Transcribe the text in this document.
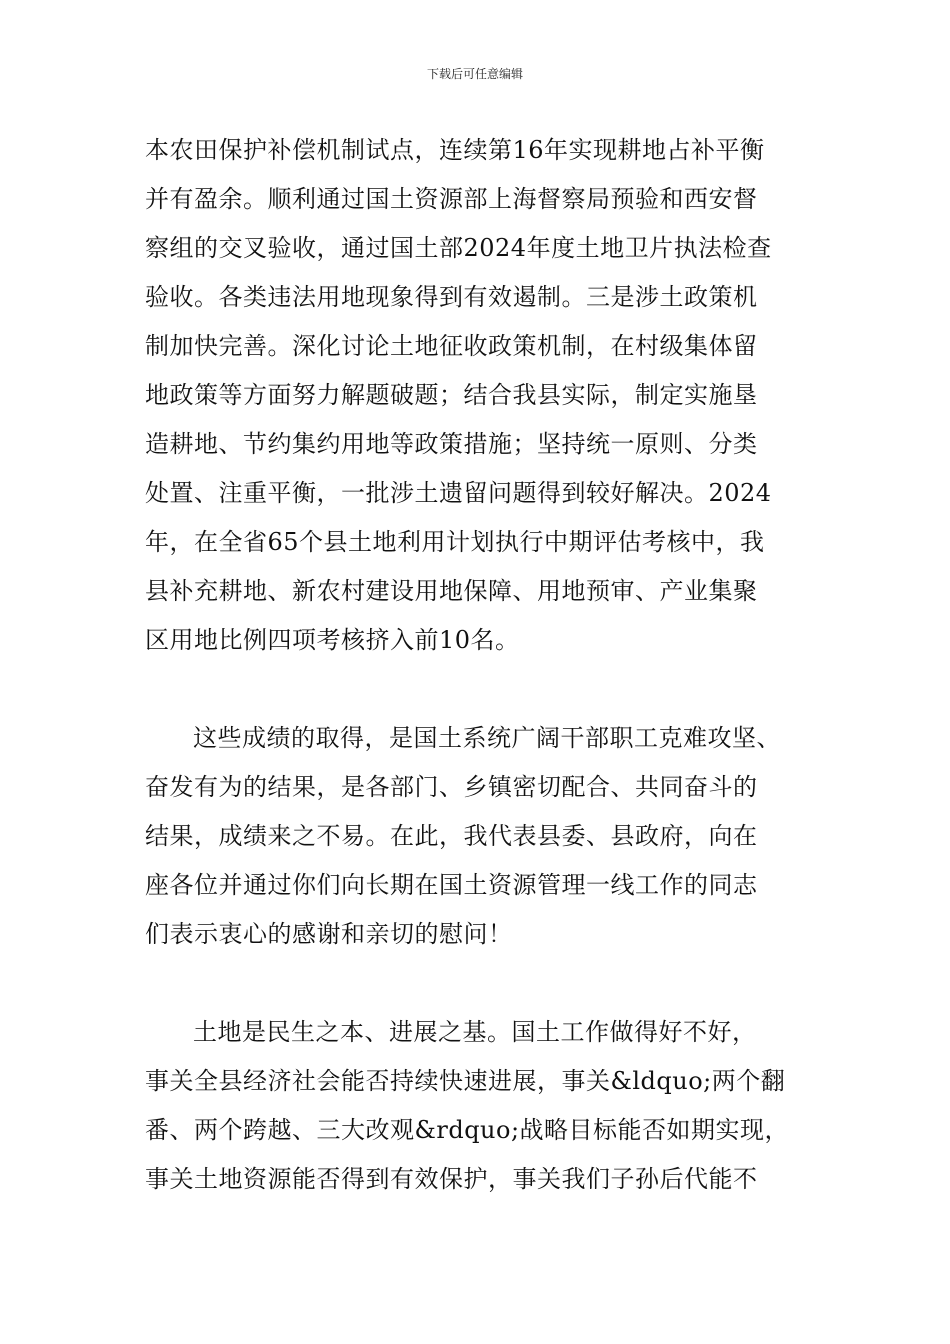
下载后可任意编辑
本农田保护补偿机制试点，连续第16年实现耕地占补平衡
并有盈余。顺利通过国土资源部上海督察局预验和西安督
察组的交叉验收，通过国土部2024年度土地卫片执法检查
验收。各类违法用地现象得到有效遏制。三是涉土政策机
制加快完善。深化讨论土地征收政策机制，在村级集体留
地政策等方面努力解题破题；结合我县实际，制定实施垦
造耕地、节约集约用地等政策措施；坚持统一原则、分类
处置、注重平衡，一批涉土遗留问题得到较好解决。2024
年，在全省65个县土地利用计划执行中期评估考核中，我
县补充耕地、新农村建设用地保障、用地预审、产业集聚
区用地比例四项考核挤入前10名。
这些成绩的取得，是国土系统广阔干部职工克难攻坚、
奋发有为的结果，是各部门、乡镇密切配合、共同奋斗的
结果，成绩来之不易。在此，我代表县委、县政府，向在
座各位并通过你们向长期在国土资源管理一线工作的同志
们表示衷心的感谢和亲切的慰问！
土地是民生之本、进展之基。国土工作做得好不好，
事关全县经济社会能否持续快速进展，事关&ldquo;两个翻
番、两个跨越、三大改观&rdquo;战略目标能否如期实现，
事关土地资源能否得到有效保护，事关我们子孙后代能不
